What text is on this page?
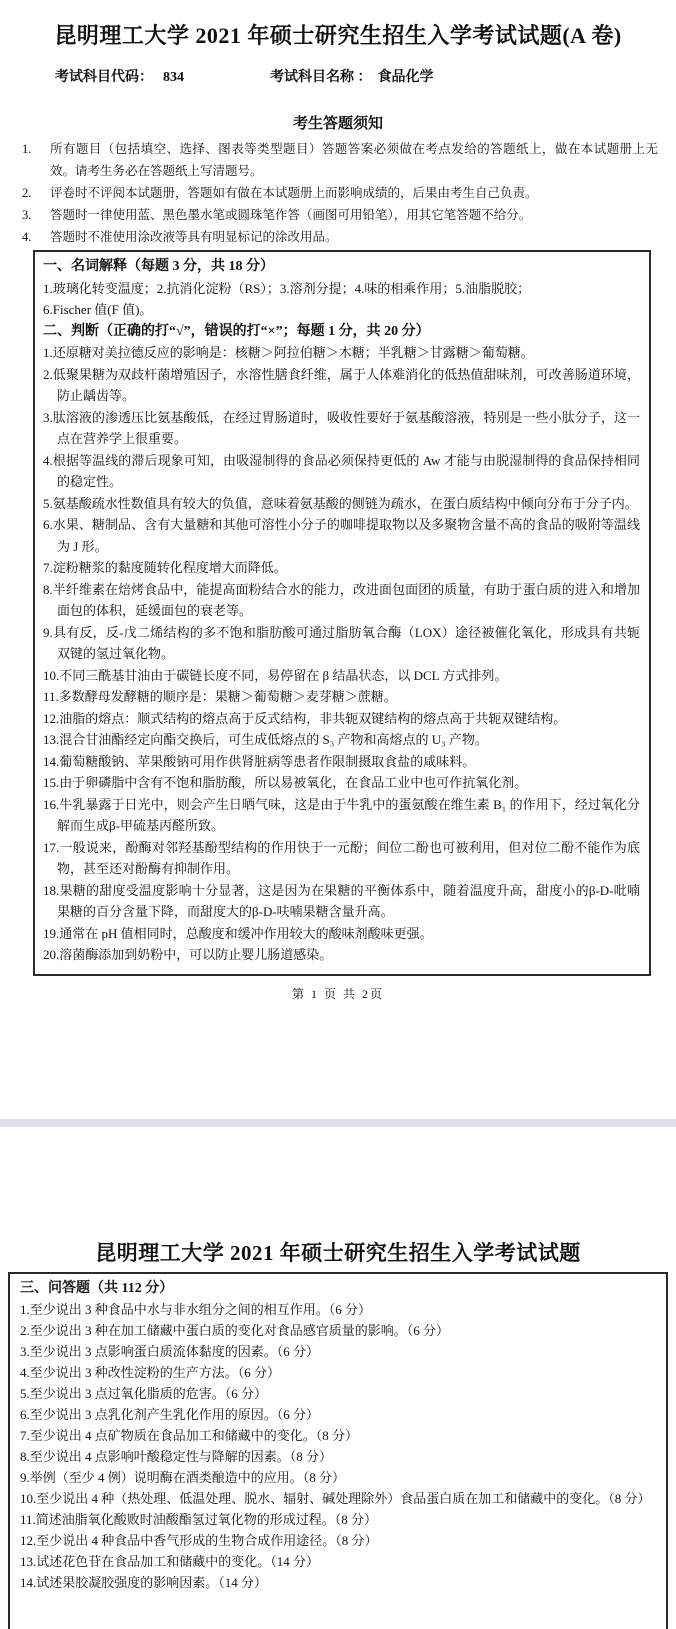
昆明理工大学 2021 年硕士研究生招生入学考试试题(A 卷)
考试科目代码： 834	考试科目名称 ： 食品化学
考生答题须知
1.	所有题目（包括填空、选择、图表等类型题目）答题答案必须做在考点发给的答题纸上，做在本试题册上无效。请考生务必在答题纸上写清题号。
2.	评卷时不评阅本试题册，答题如有做在本试题册上而影响成绩的，后果由考生自己负责。
3.	答题时一律使用蓝、黑色墨水笔或圆珠笔作答（画图可用铅笔），用其它笔答题不给分。
4.	答题时不准使用涂改液等具有明显标记的涂改用品。
一、名词解释（每题 3 分，共 18 分）
1.玻璃化转变温度；2.抗消化淀粉（RS）；3.溶剂分提；4.味的相乘作用；5.油脂脱胶；
6.Fischer 值(F 值)。
二、判断（正确的打“√”，错误的打“×”；每题 1 分，共 20 分）
1.还原糖对美拉德反应的影响是：核糖＞阿拉伯糖＞木糖；半乳糖＞甘露糖＞葡萄糖。
2.低聚果糖为双歧杆菌增殖因子，水溶性膳食纤维，属于人体难消化的低热值甜味剂，可改善肠道环境，防止龋齿等。
3.肽溶液的渗透压比氨基酸低，在经过胃肠道时，吸收性要好于氨基酸溶液，特别是一些小肽分子，这一点在营养学上很重要。
4.根据等温线的滞后现象可知，由吸湿制得的食品必须保持更低的 Aw 才能与由脱湿制得的食品保持相同的稳定性。
5.氨基酸疏水性数值具有较大的负值，意味着氨基酸的侧链为疏水，在蛋白质结构中倾向分布于分子内。
6.水果、糖制品、含有大量糖和其他可溶性小分子的咖啡提取物以及多聚物含量不高的食品的吸附等温线为 J 形。
7.淀粉糖浆的黏度随转化程度增大而降低。
8.半纤维素在焙烤食品中，能提高面粉结合水的能力，改进面包面团的质量，有助于蛋白质的进入和增加面包的体积，延缓面包的衰老等。
9.具有反，反-戊二烯结构的多不饱和脂肪酸可通过脂肪氧合酶（LOX）途径被催化氧化，形成具有共轭双键的氢过氧化物。
10.不同三酰基甘油由于碳链长度不同，易停留在 β 结晶状态，以 DCL 方式排列。
11.多数酵母发酵糖的顺序是：果糖＞葡萄糖＞麦芽糖＞蔗糖。
12.油脂的熔点：顺式结构的熔点高于反式结构，非共轭双键结构的熔点高于共轭双键结构。
13.混合甘油酯经定向酯交换后，可生成低熔点的 S₃ 产物和高熔点的 U₃ 产物。
14.葡萄糖酸钠、苹果酸钠可用作供肾脏病等患者作限制摄取食盐的咸味料。
15.由于卵磷脂中含有不饱和脂肪酸，所以易被氧化，在食品工业中也可作抗氧化剂。
16.牛乳暴露于日光中，则会产生日晒气味，这是由于牛乳中的蛋氨酸在维生素 B₁ 的作用下，经过氧化分解而生成β-甲硫基丙醛所致。
17.一般说来，酚酶对邻羟基酚型结构的作用快于一元酚；间位二酚也可被利用，但对位二酚不能作为底物，甚至还对酚酶有抑制作用。
18.果糖的甜度受温度影响十分显著，这是因为在果糖的平衡体系中，随着温度升高，甜度小的β-D-吡喃果糖的百分含量下降，而甜度大的β-D-呋喃果糖含量升高。
19.通常在 pH 值相同时，总酸度和缓冲作用较大的酸味剂酸味更强。
20.溶菌酶添加到奶粉中，可以防止婴儿肠道感染。
第 1 页 共 2页
昆明理工大学 2021 年硕士研究生招生入学考试试题
三、问答题（共 112 分）
1.至少说出 3 种食品中水与非水组分之间的相互作用。（6 分）
2.至少说出 3 种在加工储藏中蛋白质的变化对食品感官质量的影响。（6 分）
3.至少说出 3 点影响蛋白质流体黏度的因素。（6 分）
4.至少说出 3 种改性淀粉的生产方法。（6 分）
5.至少说出 3 点过氧化脂质的危害。（6 分）
6.至少说出 3 点乳化剂产生乳化作用的原因。（6 分）
7.至少说出 4 点矿物质在食品加工和储藏中的变化。（8 分）
8.至少说出 4 点影响叶酸稳定性与降解的因素。（8 分）
9.举例（至少 4 例）说明酶在酒类酿造中的应用。（8 分）
10.至少说出 4 种（热处理、低温处理、脱水、辐射、碱处理除外）食品蛋白质在加工和储藏中的变化。（8 分）
11.简述油脂氧化酸败时油酸酯氢过氧化物的形成过程。（8 分）
12.至少说出 4 种食品中香气形成的生物合成作用途径。（8 分）
13.试述花色苷在食品加工和储藏中的变化。（14 分）
14.试述果胶凝胶强度的影响因素。（14 分）
